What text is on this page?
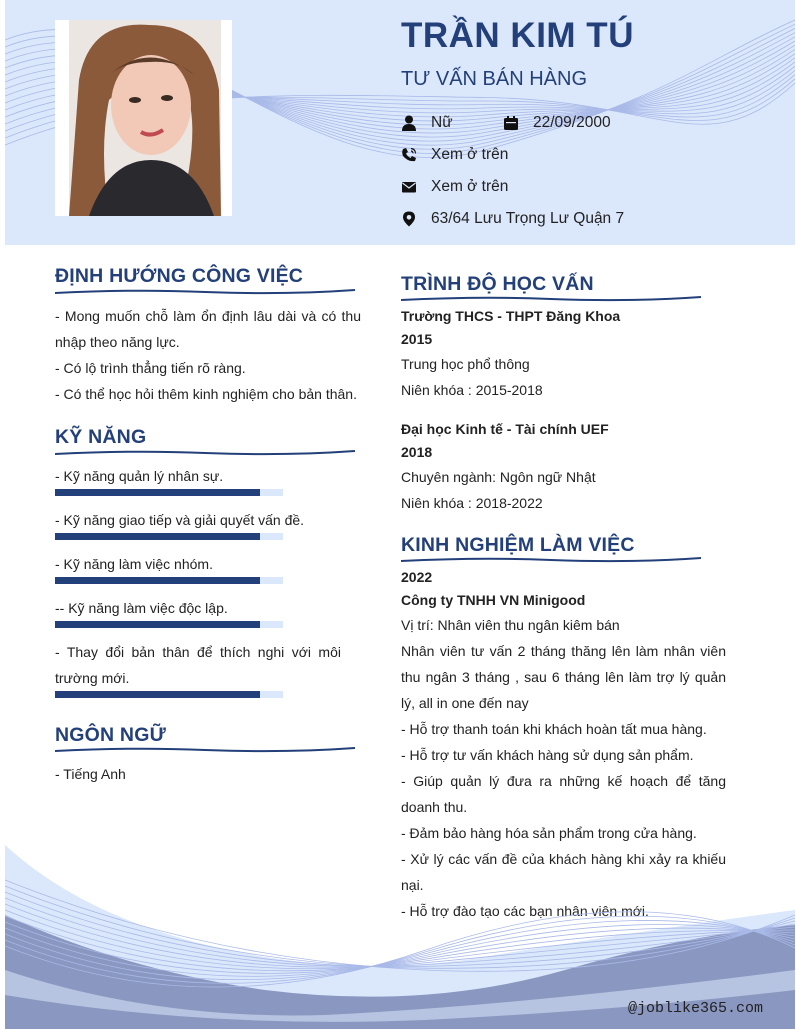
TRẦN KIM TÚ
TƯ VẤN BÁN HÀNG
Nữ	22/09/2000
Xem ở trên
Xem ở trên
63/64 Lưu Trọng Lư Quận 7
ĐỊNH HƯỚNG CÔNG VIỆC
- Mong muốn chỗ làm ổn định lâu dài và có thu nhập theo năng lực.
- Có lộ trình thẳng tiến rõ ràng.
- Có thể học hỏi thêm kinh nghiệm cho bản thân.
KỸ NĂNG
- Kỹ năng quản lý nhân sự.
- Kỹ năng giao tiếp và giải quyết vấn đề.
- Kỹ năng làm việc nhóm.
-- Kỹ năng làm việc độc lập.
- Thay đổi bản thân để thích nghi với môi trường mới.
NGÔN NGỮ
- Tiếng Anh
TRÌNH ĐỘ HỌC VẤN
Trường THCS - THPT Đăng Khoa
2015
Trung học phổ thông
Niên khóa : 2015-2018
Đại học Kinh tế - Tài chính UEF
2018
Chuyên ngành: Ngôn ngữ Nhật
Niên khóa : 2018-2022
KINH NGHIỆM LÀM VIỆC
2022
Công ty TNHH VN Minigood
Vị trí: Nhân viên thu ngân kiêm bán
Nhân viên tư vấn 2 tháng thăng lên làm nhân viên thu ngân 3 tháng , sau 6 tháng lên làm trợ lý quản lý, all in one đến nay
- Hỗ trợ thanh toán khi khách hoàn tất mua hàng.
- Hỗ trợ tư vấn khách hàng sử dụng sản phẩm.
- Giúp quản lý đưa ra những kế hoạch để tăng doanh thu.
- Đảm bảo hàng hóa sản phẩm trong cửa hàng.
- Xử lý các vấn đề của khách hàng khi xảy ra khiếu nại.
- Hỗ trợ đào tạo các bạn nhân viên mới.
@joblike365.com
